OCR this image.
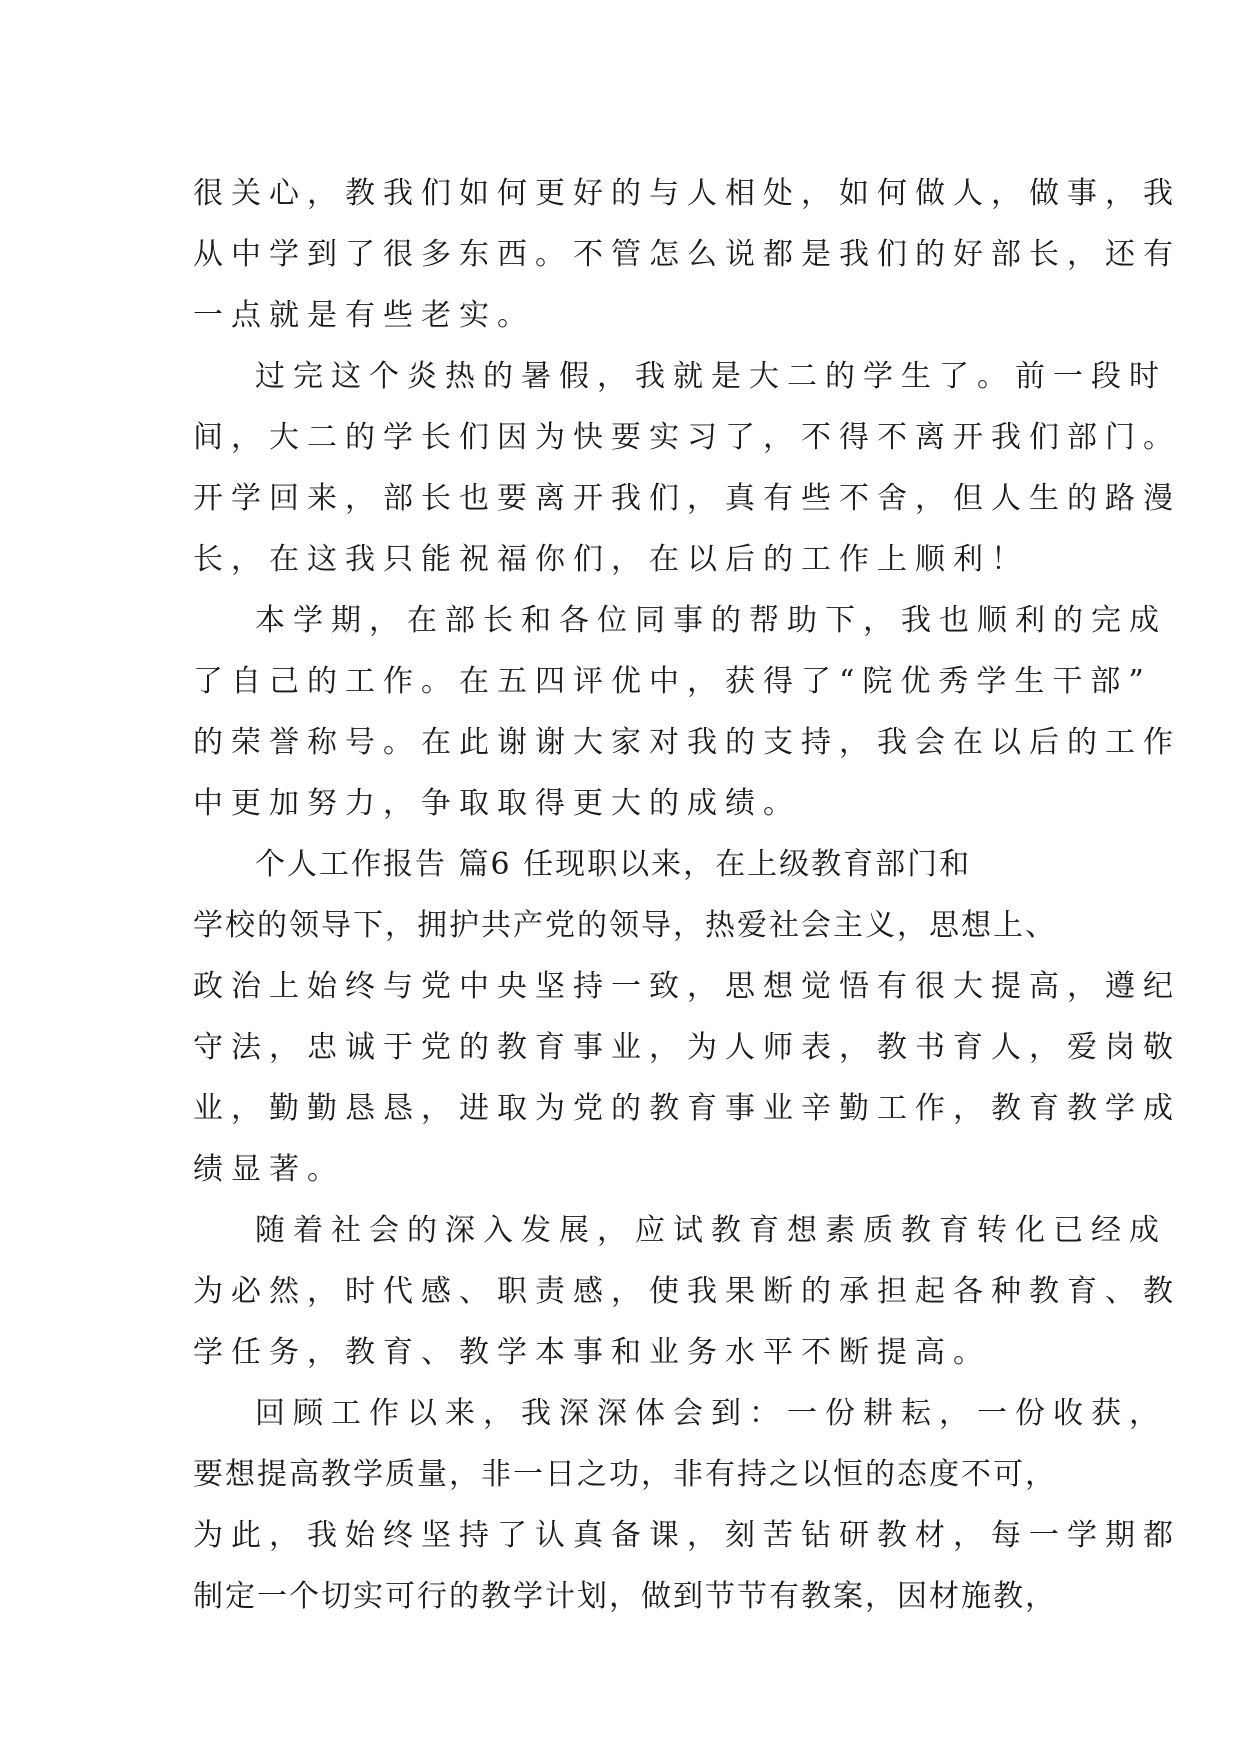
很关心，教我们如何更好的与人相处，如何做人，做事，我
从中学到了很多东西。不管怎么说都是我们的好部长，还有
一点就是有些老实。
过完这个炎热的暑假，我就是大二的学生了。前一段时
间，大二的学长们因为快要实习了，不得不离开我们部门。
开学回来，部长也要离开我们，真有些不舍，但人生的路漫
长，在这我只能祝福你们，在以后的工作上顺利！
本学期，在部长和各位同事的帮助下，我也顺利的完成
了自己的工作。在五四评优中，获得了“院优秀学生干部”
的荣誉称号。在此谢谢大家对我的支持，我会在以后的工作
中更加努力，争取取得更大的成绩。
个人工作报告 篇6 任现职以来，在上级教育部门和
学校的领导下，拥护共产党的领导，热爱社会主义，思想上、
政治上始终与党中央坚持一致，思想觉悟有很大提高，遵纪
守法，忠诚于党的教育事业，为人师表，教书育人，爱岗敬
业，勤勤恳恳，进取为党的教育事业辛勤工作，教育教学成
绩显著。
随着社会的深入发展，应试教育想素质教育转化已经成
为必然，时代感、职责感，使我果断的承担起各种教育、教
学任务，教育、教学本事和业务水平不断提高。
回顾工作以来，我深深体会到：一份耕耘，一份收获，
要想提高教学质量，非一日之功，非有持之以恒的态度不可，
为此，我始终坚持了认真备课，刻苦钻研教材，每一学期都
制定一个切实可行的教学计划，做到节节有教案，因材施教，
